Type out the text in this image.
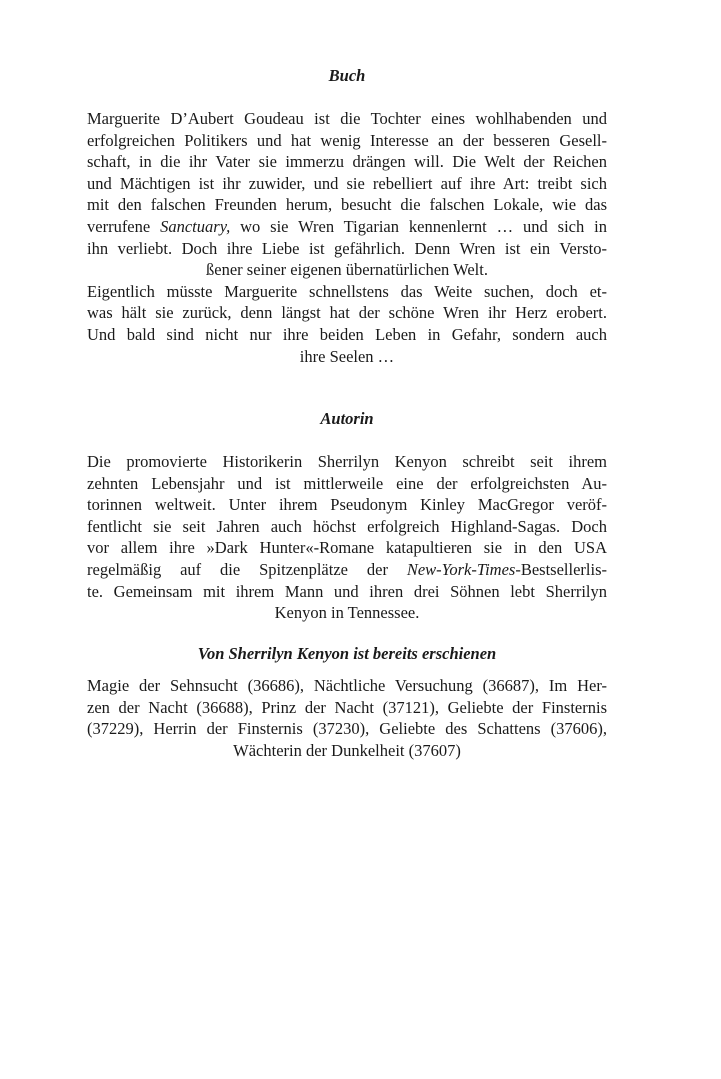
Buch
Marguerite D’Aubert Goudeau ist die Tochter eines wohlhabenden und
erfolgreichen Politikers und hat wenig Interesse an der besseren Gesell-
schaft, in die ihr Vater sie immerzu drängen will. Die Welt der Reichen
und Mächtigen ist ihr zuwider, und sie rebelliert auf ihre Art: treibt sich
mit den falschen Freunden herum, besucht die falschen Lokale, wie das
verrufene Sanctuary, wo sie Wren Tigarian kennenlernt … und sich in
ihn verliebt. Doch ihre Liebe ist gefährlich. Denn Wren ist ein Versto-
ßener seiner eigenen übernatürlichen Welt.
Eigentlich müsste Marguerite schnellstens das Weite suchen, doch et-
was hält sie zurück, denn längst hat der schöne Wren ihr Herz erobert.
Und bald sind nicht nur ihre beiden Leben in Gefahr, sondern auch
ihre Seelen …
Autorin
Die promovierte Historikerin Sherrilyn Kenyon schreibt seit ihrem
zehnten Lebensjahr und ist mittlerweile eine der erfolgreichsten Au-
torinnen weltweit. Unter ihrem Pseudonym Kinley MacGregor veröf-
fentlicht sie seit Jahren auch höchst erfolgreich Highland-Sagas. Doch
vor allem ihre »Dark Hunter«-Romane katapultieren sie in den USA
regelmäßig auf die Spitzenplätze der New-York-Times-Bestsellerlis-
te. Gemeinsam mit ihrem Mann und ihren drei Söhnen lebt Sherrilyn
Kenyon in Tennessee.
Von Sherrilyn Kenyon ist bereits erschienen
Magie der Sehnsucht (36686), Nächtliche Versuchung (36687), Im Her-
zen der Nacht (36688), Prinz der Nacht (37121), Geliebte der Finsternis
(37229), Herrin der Finsternis (37230), Geliebte des Schattens (37606),
Wächterin der Dunkelheit (37607)
